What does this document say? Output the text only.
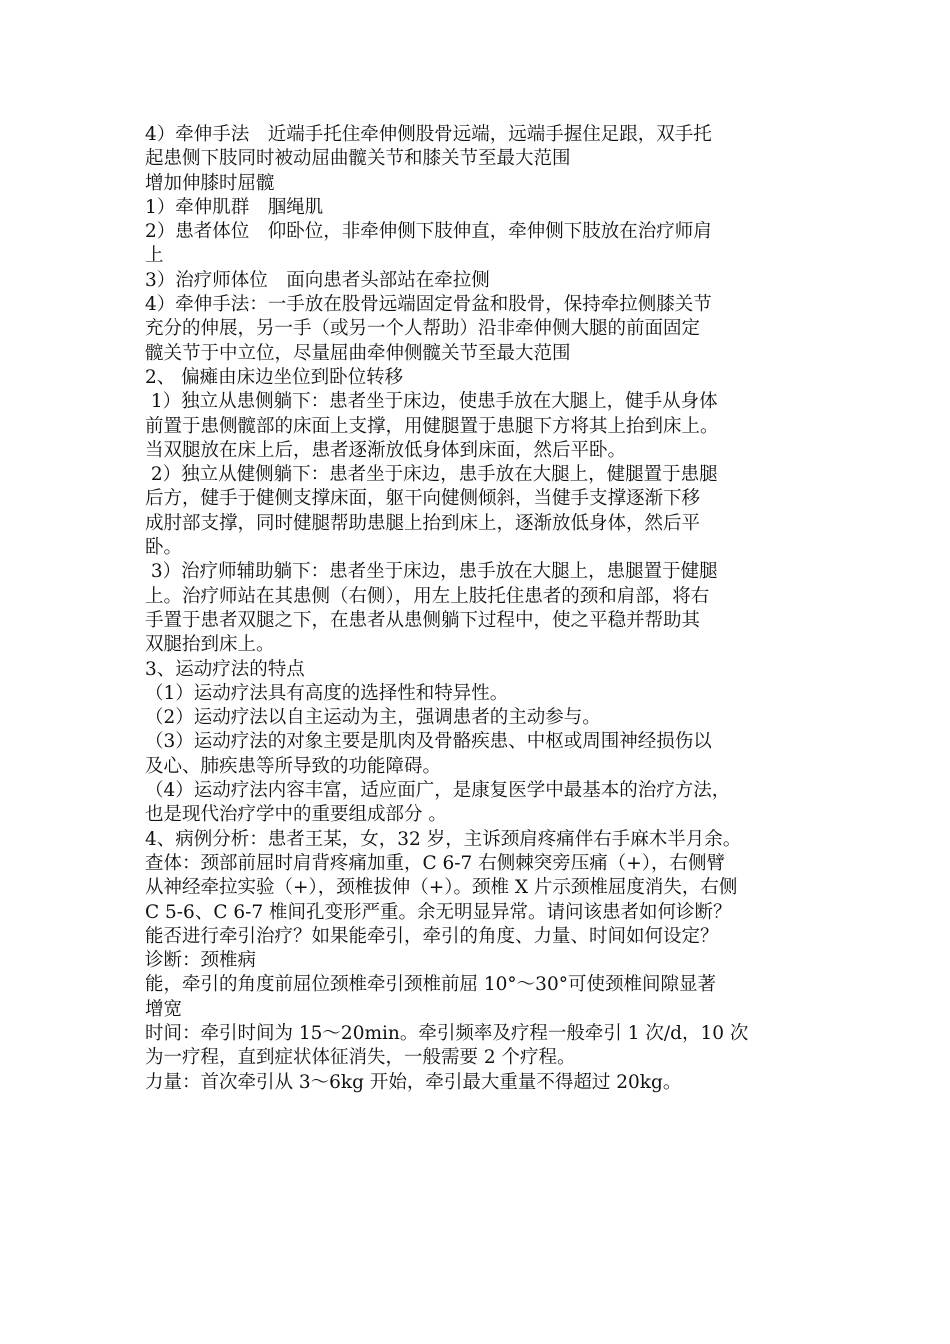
4）牵伸手法　近端手托住牵伸侧股骨远端，远端手握住足跟，双手托
起患侧下肢同时被动屈曲髋关节和膝关节至最大范围
增加伸膝时屈髋
1）牵伸肌群　腘绳肌
2）患者体位　仰卧位，非牵伸侧下肢伸直，牵伸侧下肢放在治疗师肩
上
3）治疗师体位　面向患者头部站在牵拉侧
4）牵伸手法：一手放在股骨远端固定骨盆和股骨，保持牵拉侧膝关节
充分的伸展，另一手（或另一个人帮助）沿非牵伸侧大腿的前面固定
髋关节于中立位，尽量屈曲牵伸侧髋关节至最大范围
2、 偏瘫由床边坐位到卧位转移
1）独立从患侧躺下：患者坐于床边，使患手放在大腿上，健手从身体
前置于患侧髋部的床面上支撑，用健腿置于患腿下方将其上抬到床上。
当双腿放在床上后，患者逐渐放低身体到床面，然后平卧。
2）独立从健侧躺下：患者坐于床边，患手放在大腿上，健腿置于患腿
后方，健手于健侧支撑床面，躯干向健侧倾斜，当健手支撑逐渐下移
成肘部支撑，同时健腿帮助患腿上抬到床上，逐渐放低身体，然后平
卧。
3）治疗师辅助躺下：患者坐于床边，患手放在大腿上，患腿置于健腿
上。治疗师站在其患侧（右侧），用左上肢托住患者的颈和肩部，将右
手置于患者双腿之下，在患者从患侧躺下过程中，使之平稳并帮助其
双腿抬到床上。
3、运动疗法的特点
（1）运动疗法具有高度的选择性和特异性。
（2）运动疗法以自主运动为主，强调患者的主动参与。
（3）运动疗法的对象主要是肌肉及骨骼疾患、中枢或周围神经损伤以
及心、肺疾患等所导致的功能障碍。
（4）运动疗法内容丰富，适应面广，是康复医学中最基本的治疗方法，
也是现代治疗学中的重要组成部分 。
4、病例分析：患者王某，女，32 岁，主诉颈肩疼痛伴右手麻木半月余。
查体：颈部前屈时肩背疼痛加重，C 6-7 右侧棘突旁压痛（+），右侧臂
从神经牵拉实验（+），颈椎拔伸（+）。颈椎 X 片示颈椎屈度消失，右侧
C 5-6、C 6-7 椎间孔变形严重。余无明显异常。请问该患者如何诊断？
能否进行牵引治疗？如果能牵引，牵引的角度、力量、时间如何设定？
诊断：颈椎病
能，牵引的角度前屈位颈椎牵引颈椎前屈 10°～30°可使颈椎间隙显著
增宽
时间：牵引时间为 15～20min。牵引频率及疗程一般牵引 1 次/d，10 次
为一疗程，直到症状体征消失，一般需要 2 个疗程。
力量：首次牵引从 3～6kg 开始，牵引最大重量不得超过 20kg。
